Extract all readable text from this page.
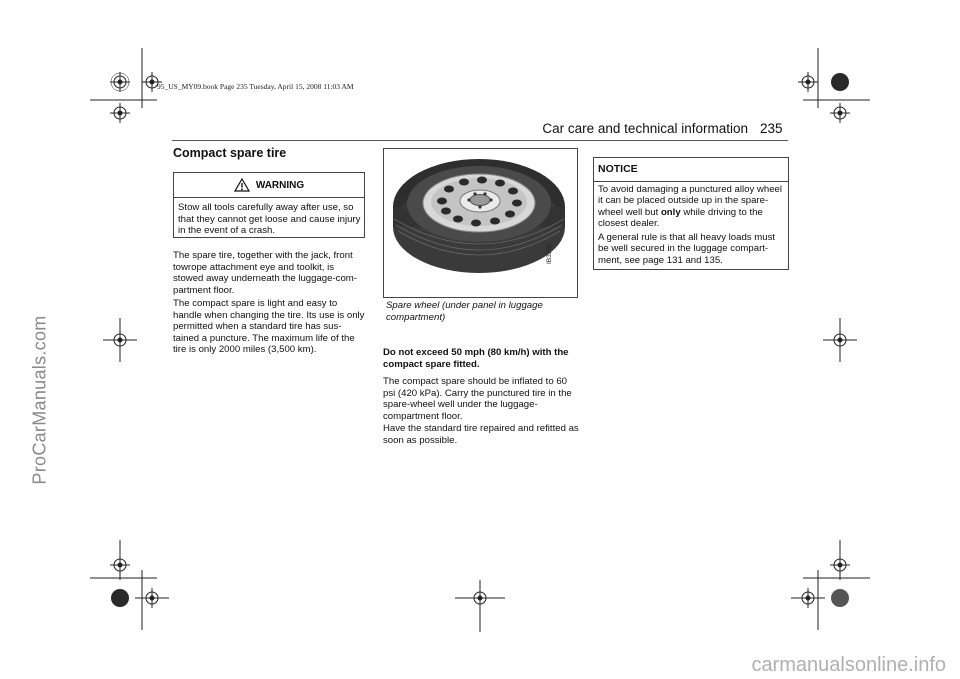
95_US_MY09.book Page 235 Tuesday, April 15, 2008 11:03 AM
ProCarManuals.com
Car care and technical information 235
Compact spare tire
WARNING
Stow all tools carefully away after use, so that they cannot get loose and cause injury in the event of a crash.
The spare tire, together with the jack, front towrope attachment eye and toolkit, is stowed away underneath the luggage-com-partment floor.
The compact spare is light and easy to handle when changing the tire. Its use is only permitted when a standard tire has sus-tained a puncture. The maximum life of the tire is only 2000 miles (3,500 km).
IB3233
Spare wheel (under panel in luggage compartment)
Do not exceed 50 mph (80 km/h) with the compact spare fitted.
The compact spare should be inflated to 60 psi (420 kPa). Carry the punctured tire in the spare-wheel well under the luggage-compartment floor.
Have the standard tire repaired and refitted as soon as possible.
NOTICE

To avoid damaging a punctured alloy wheel it can be placed outside up in the spare-wheel well but only while driving to the closest dealer.

A general rule is that all heavy loads must be well secured in the luggage compart-ment, see page 131 and 135.

carmanualsonline.info
